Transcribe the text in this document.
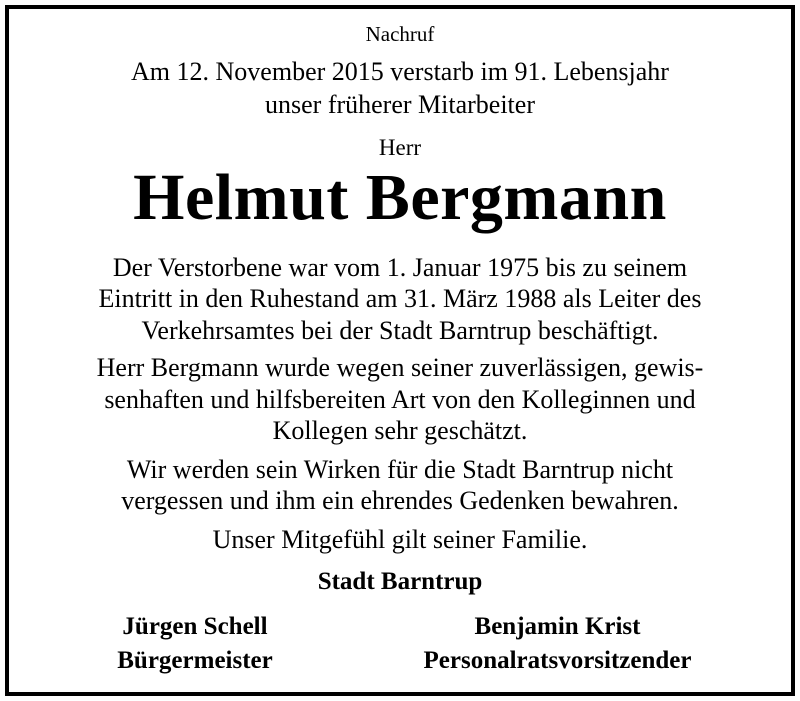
Nachruf
Am 12. November 2015 verstarb im 91. Lebensjahr
unser früherer Mitarbeiter
Herr
Helmut Bergmann
Der Verstorbene war vom 1. Januar 1975 bis zu seinem
Eintritt in den Ruhestand am 31. März 1988 als Leiter des
Verkehrsamtes bei der Stadt Barntrup beschäftigt.
Herr Bergmann wurde wegen seiner zuverlässigen, gewis-
senhaften und hilfsbereiten Art von den Kolleginnen und
Kollegen sehr geschätzt.
Wir werden sein Wirken für die Stadt Barntrup nicht
vergessen und ihm ein ehrendes Gedenken bewahren.
Unser Mitgefühl gilt seiner Familie.
Stadt Barntrup
Jürgen Schell
Bürgermeister
Benjamin Krist
Personalratsvorsitzender
